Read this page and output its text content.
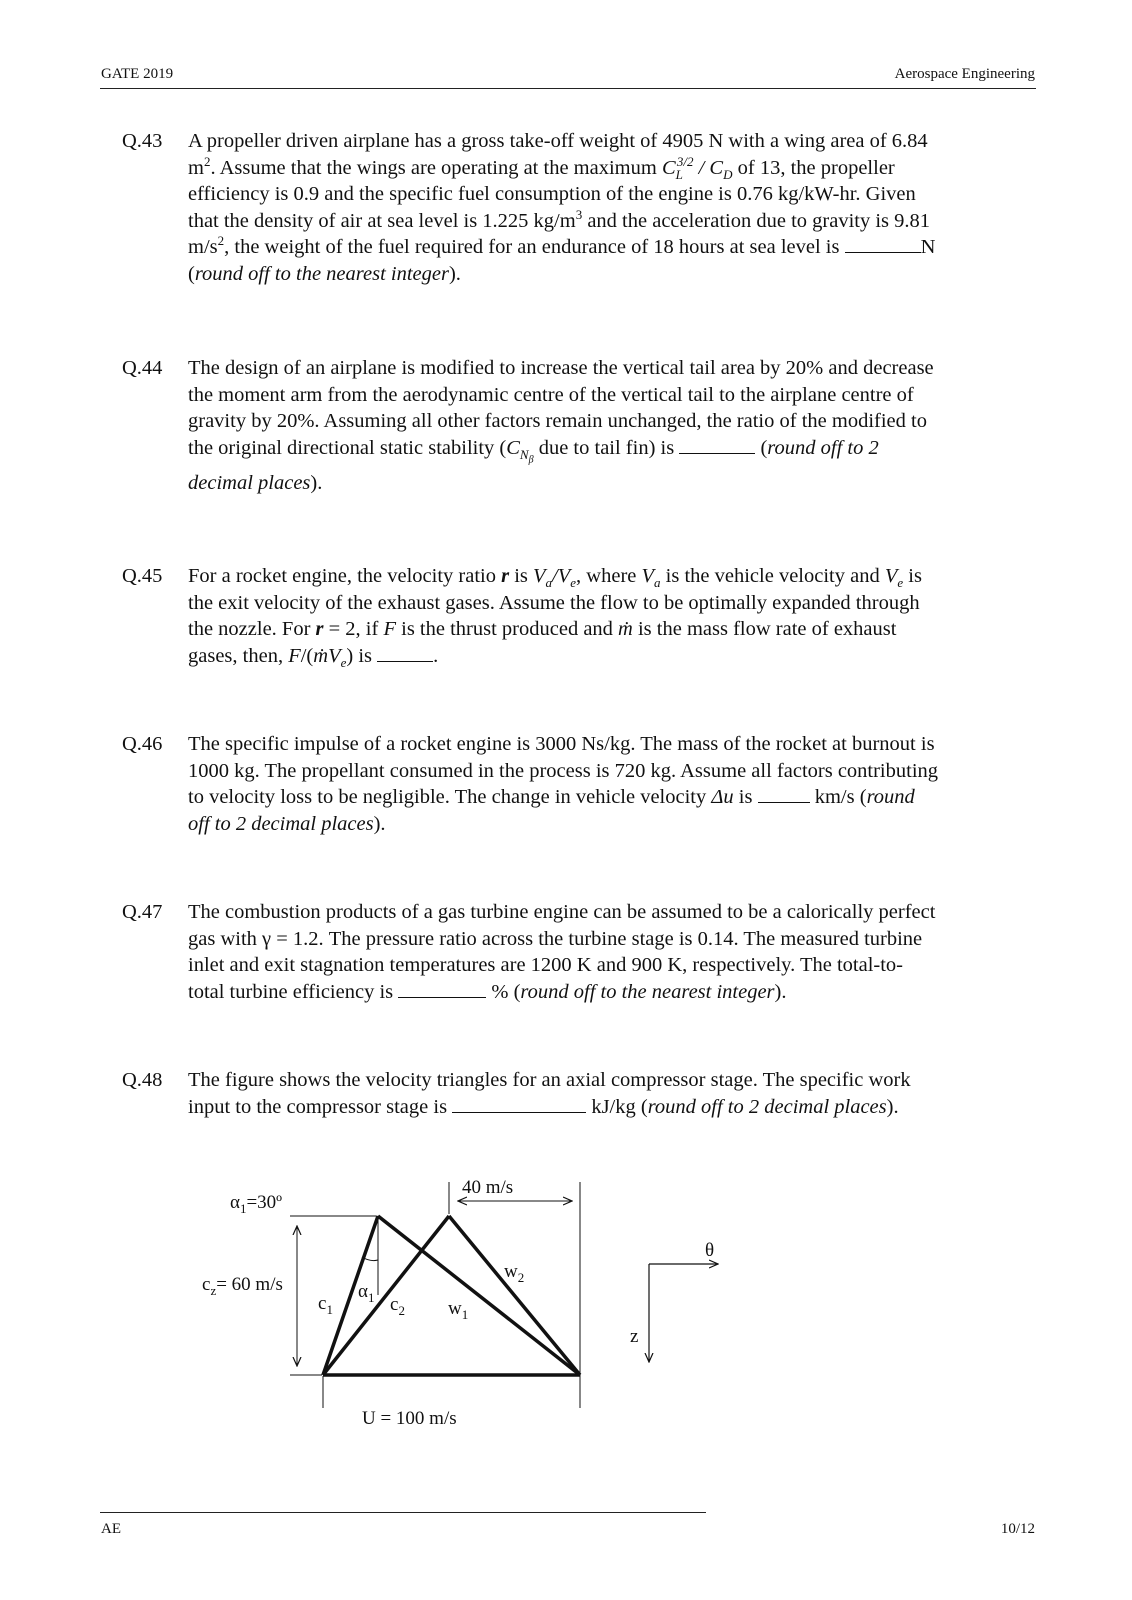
GATE 2019	Aerospace Engineering
Q.43 A propeller driven airplane has a gross take-off weight of 4905 N with a wing area of 6.84

$m^2$. Assume that the wings are operating at the maximum $C_L^{3/2} / C_D$ of 13, the propeller

efficiency is 0.9 and the specific fuel consumption of the engine is 0.76 kg/kW-hr. Given

that the density of air at sea level is 1.225 $kg/m^3$ and the acceleration due to gravity is 9.81

$m/s^2$, the weight of the fuel required for an endurance of 18 hours at sea level is	N

(round off to the nearest integer).

Q.44 The design of an airplane is modified to increase the vertical tail area by 20% and decrease

the moment arm from the aerodynamic centre of the vertical tail to the airplane centre of

gravity by 20%. Assuming all other factors remain unchanged, the ratio of the modified to

the original directional static stability ($C_{N_\beta}$ due to tail fin) is	(round off to 2

decimal places).

Q.45 For a rocket engine, the velocity ratio r is $V_a/V_e$, where $V_a$ is the vehicle velocity and $V_e$ is

the exit velocity of the exhaust gases. Assume the flow to be optimally expanded through

the nozzle. For r = 2, if F is the thrust produced and ṁ is the mass flow rate of exhaust

gases, then, F/(ṁV$_e$) is	.

Q.46 The specific impulse of a rocket engine is 3000 Ns/kg. The mass of the rocket at burnout is

1000 kg. The propellant consumed in the process is 720 kg. Assume all factors contributing

to velocity loss to be negligible. The change in vehicle velocity Δu is	km/s (round

off to 2 decimal places).

Q.47 The combustion products of a gas turbine engine can be assumed to be a calorically perfect

gas with γ = 1.2. The pressure ratio across the turbine stage is 0.14. The measured turbine

inlet and exit stagnation temperatures are 1200 K and 900 K, respectively. The total-to-

total turbine efficiency is	% (round off to the nearest integer).

Q.48 The figure shows the velocity triangles for an axial compressor stage. The specific work

input to the compressor stage is	kJ/kg (round off to 2 decimal places).

$\alpha_1=30º$
40 m/s
$c_z= 60$ m/s
$c_1$
$\alpha_1$ $c_2$ $w_1$
$w_2$
U = 100 m/s
θ
z
AE	10/12
